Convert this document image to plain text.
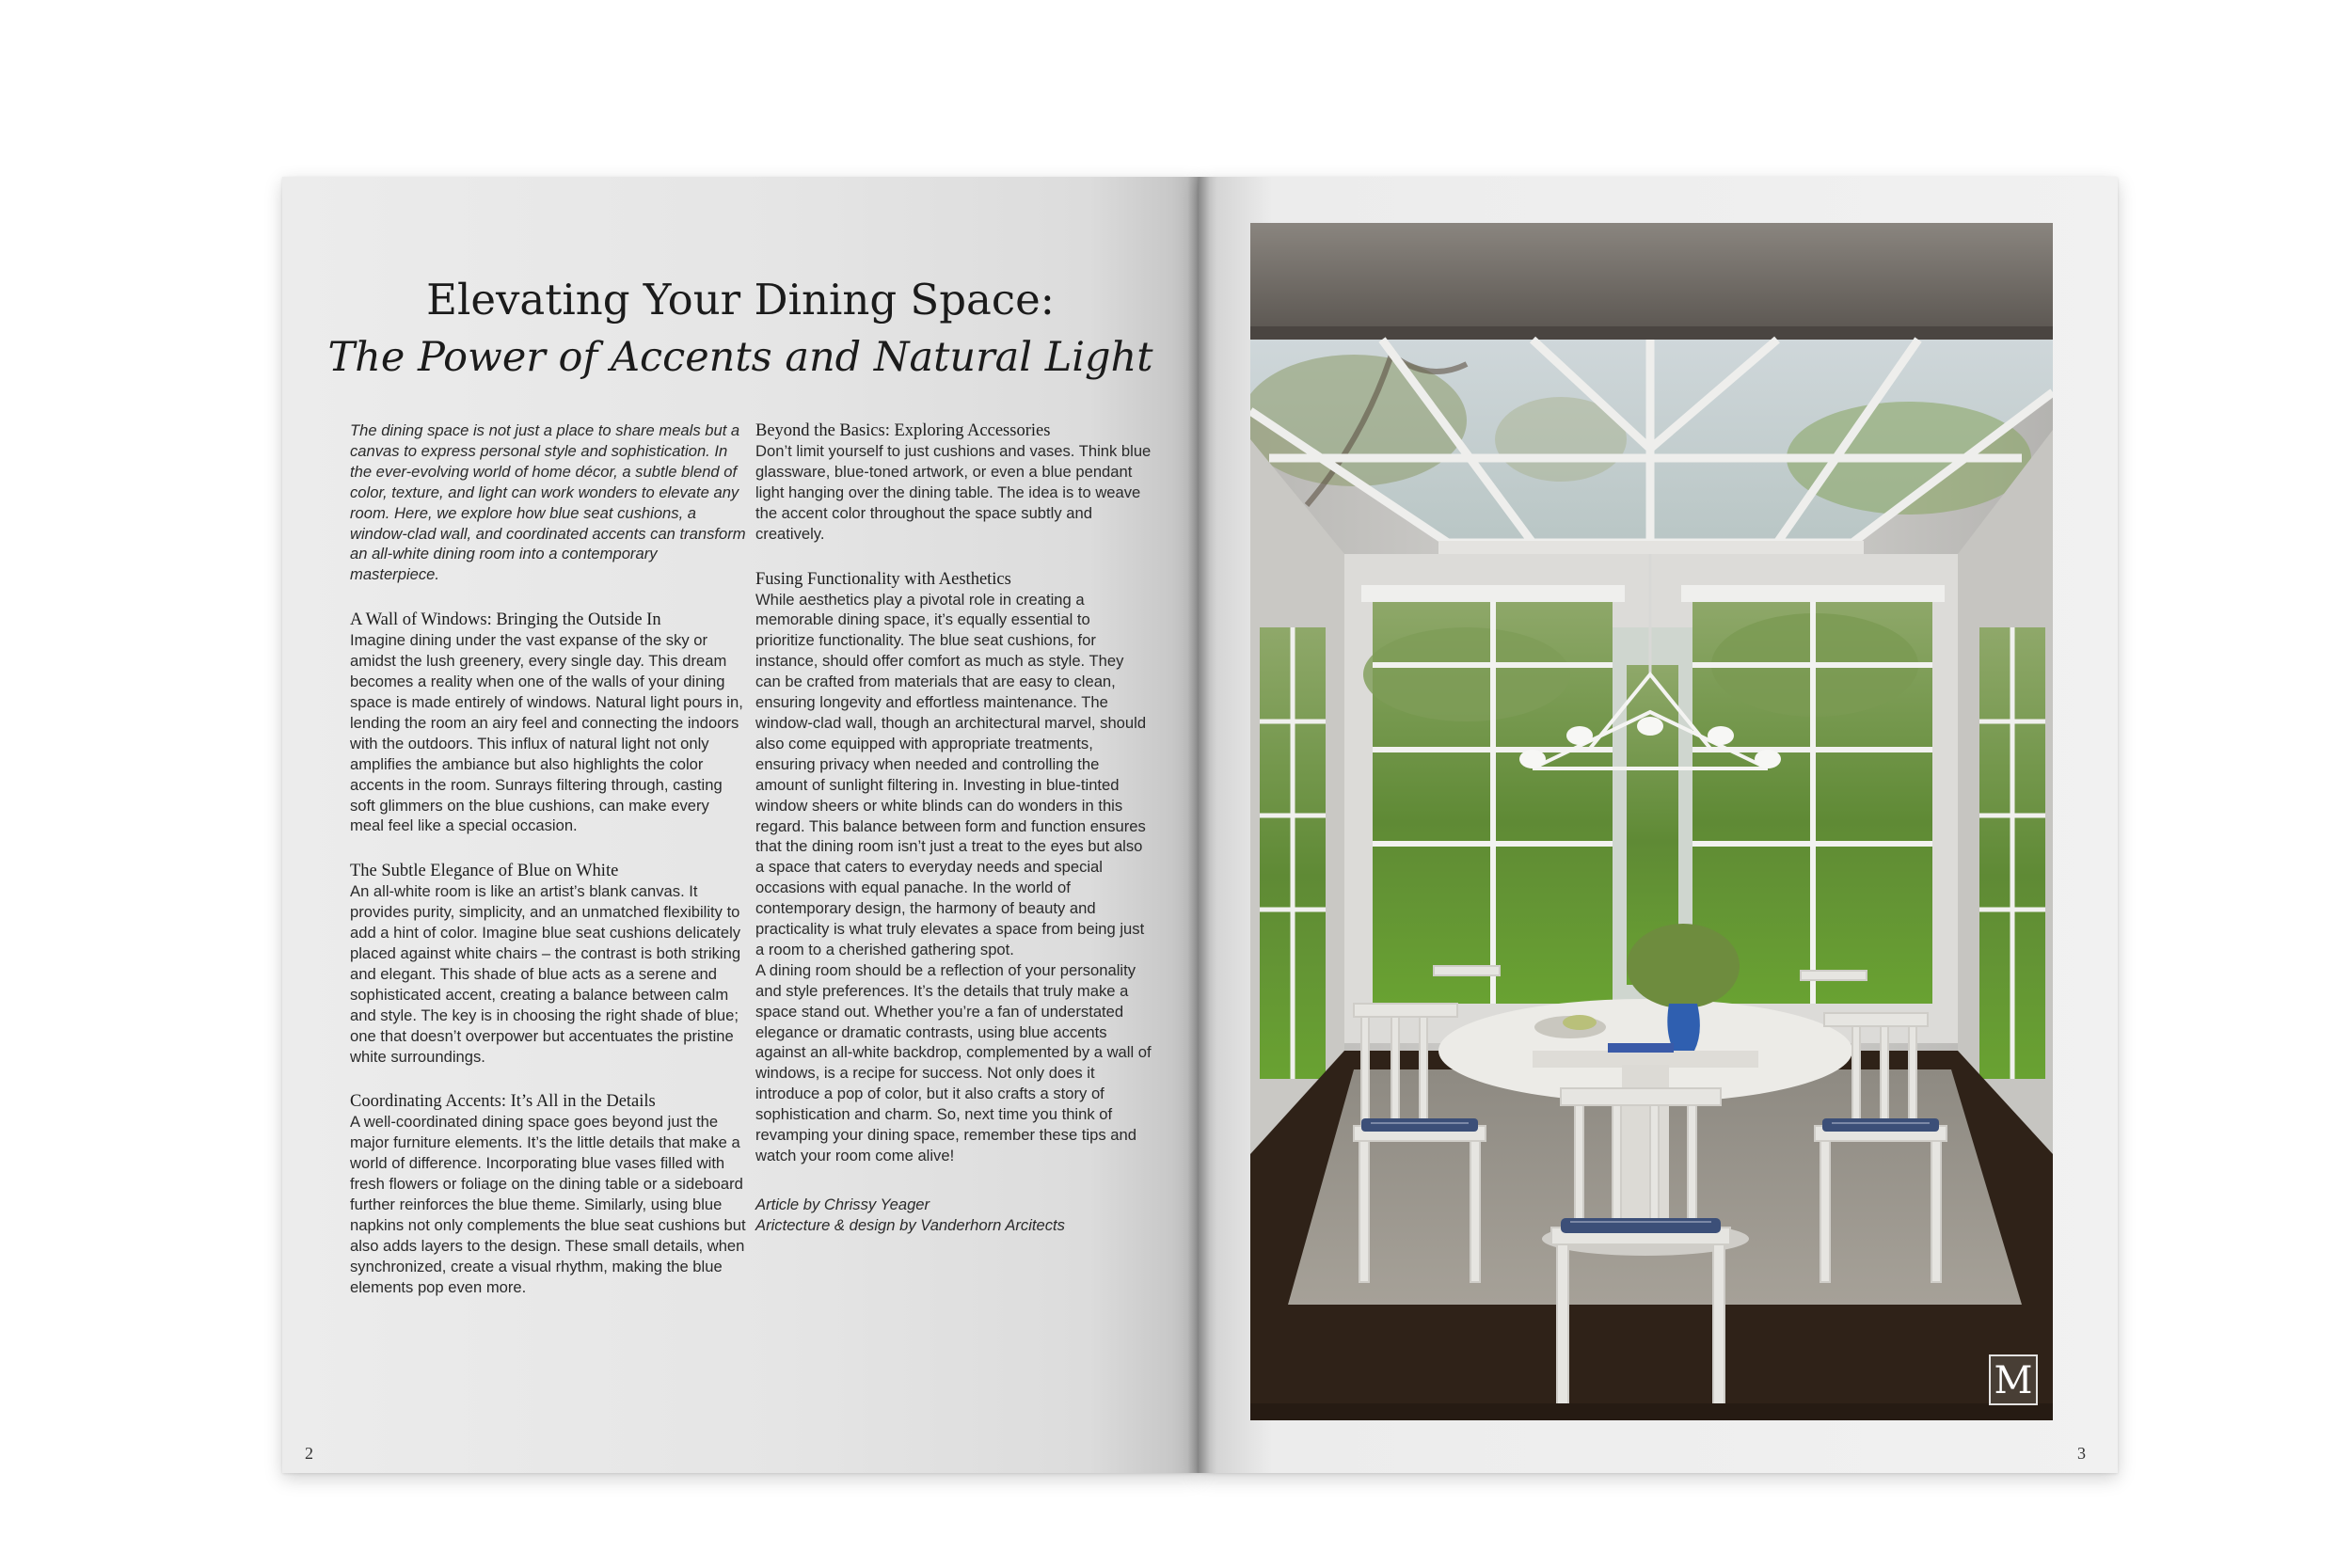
Elevating Your Dining Space:
The Power of Accents and Natural Light

The dining space is not just a place to share meals but a canvas to express personal style and sophistication. In the ever-evolving world of home décor, a subtle blend of color, texture, and light can work wonders to elevate any room. Here, we explore how blue seat cushions, a window-clad wall, and coordinated accents can transform an all-white dining room into a contemporary masterpiece.

A Wall of Windows: Bringing the Outside In

Imagine dining under the vast expanse of the sky or amidst the lush greenery, every single day. This dream becomes a reality when one of the walls of your dining space is made entirely of windows. Natural light pours in, lending the room an airy feel and connecting the indoors with the outdoors. This influx of natural light not only amplifies the ambiance but also highlights the color accents in the room. Sunrays filtering through, casting soft glimmers on the blue cushions, can make every meal feel like a special occasion.

The Subtle Elegance of Blue on White

An all-white room is like an artist’s blank canvas. It provides purity, simplicity, and an unmatched flexibility to add a hint of color. Imagine blue seat cushions delicately placed against white chairs – the contrast is both striking and elegant. This shade of blue acts as a serene and sophisticated accent, creating a balance between calm and style. The key is in choosing the right shade of blue; one that doesn’t overpower but accentuates the pristine white surroundings.

Coordinating Accents: It’s All in the Details

A well-coordinated dining space goes beyond just the major furniture elements. It’s the little details that make a world of difference. Incorporating blue vases filled with fresh flowers or foliage on the dining table or a sideboard further reinforces the blue theme. Similarly, using blue napkins not only complements the blue seat cushions but also adds layers to the design. These small details, when synchronized, create a visual rhythm, making the blue elements pop even more.

Beyond the Basics: Exploring Accessories

Don’t limit yourself to just cushions and vases. Think blue glassware, blue-toned artwork, or even a blue pendant light hanging over the dining table. The idea is to weave the accent color throughout the space subtly and creatively.

Fusing Functionality with Aesthetics

While aesthetics play a pivotal role in creating a memorable dining space, it’s equally essential to prioritize functionality. The blue seat cushions, for instance, should offer comfort as much as style. They can be crafted from materials that are easy to clean, ensuring longevity and effortless maintenance. The window-clad wall, though an architectural marvel, should also come equipped with appropriate treatments, ensuring privacy when needed and controlling the amount of sunlight filtering in. Investing in blue-tinted window sheers or white blinds can do wonders in this regard. This balance between form and function ensures that the dining room isn’t just a treat to the eyes but also a space that caters to everyday needs and special occasions with equal panache. In the world of contemporary design, the harmony of beauty and practicality is what truly elevates a space from being just a room to a cherished gathering spot.

A dining room should be a reflection of your personality and style preferences. It’s the details that truly make a space stand out. Whether you’re a fan of understated elegance or dramatic contrasts, using blue accents against an all-white backdrop, complemented by a wall of windows, is a recipe for success. Not only does it introduce a pop of color, but it also crafts a story of sophistication and charm. So, next time you think of revamping your dining space, remember these tips and watch your room come alive!

Article by Chrissy Yeager
Arictecture & design by Vanderhorn Arcitects
2	3
M
